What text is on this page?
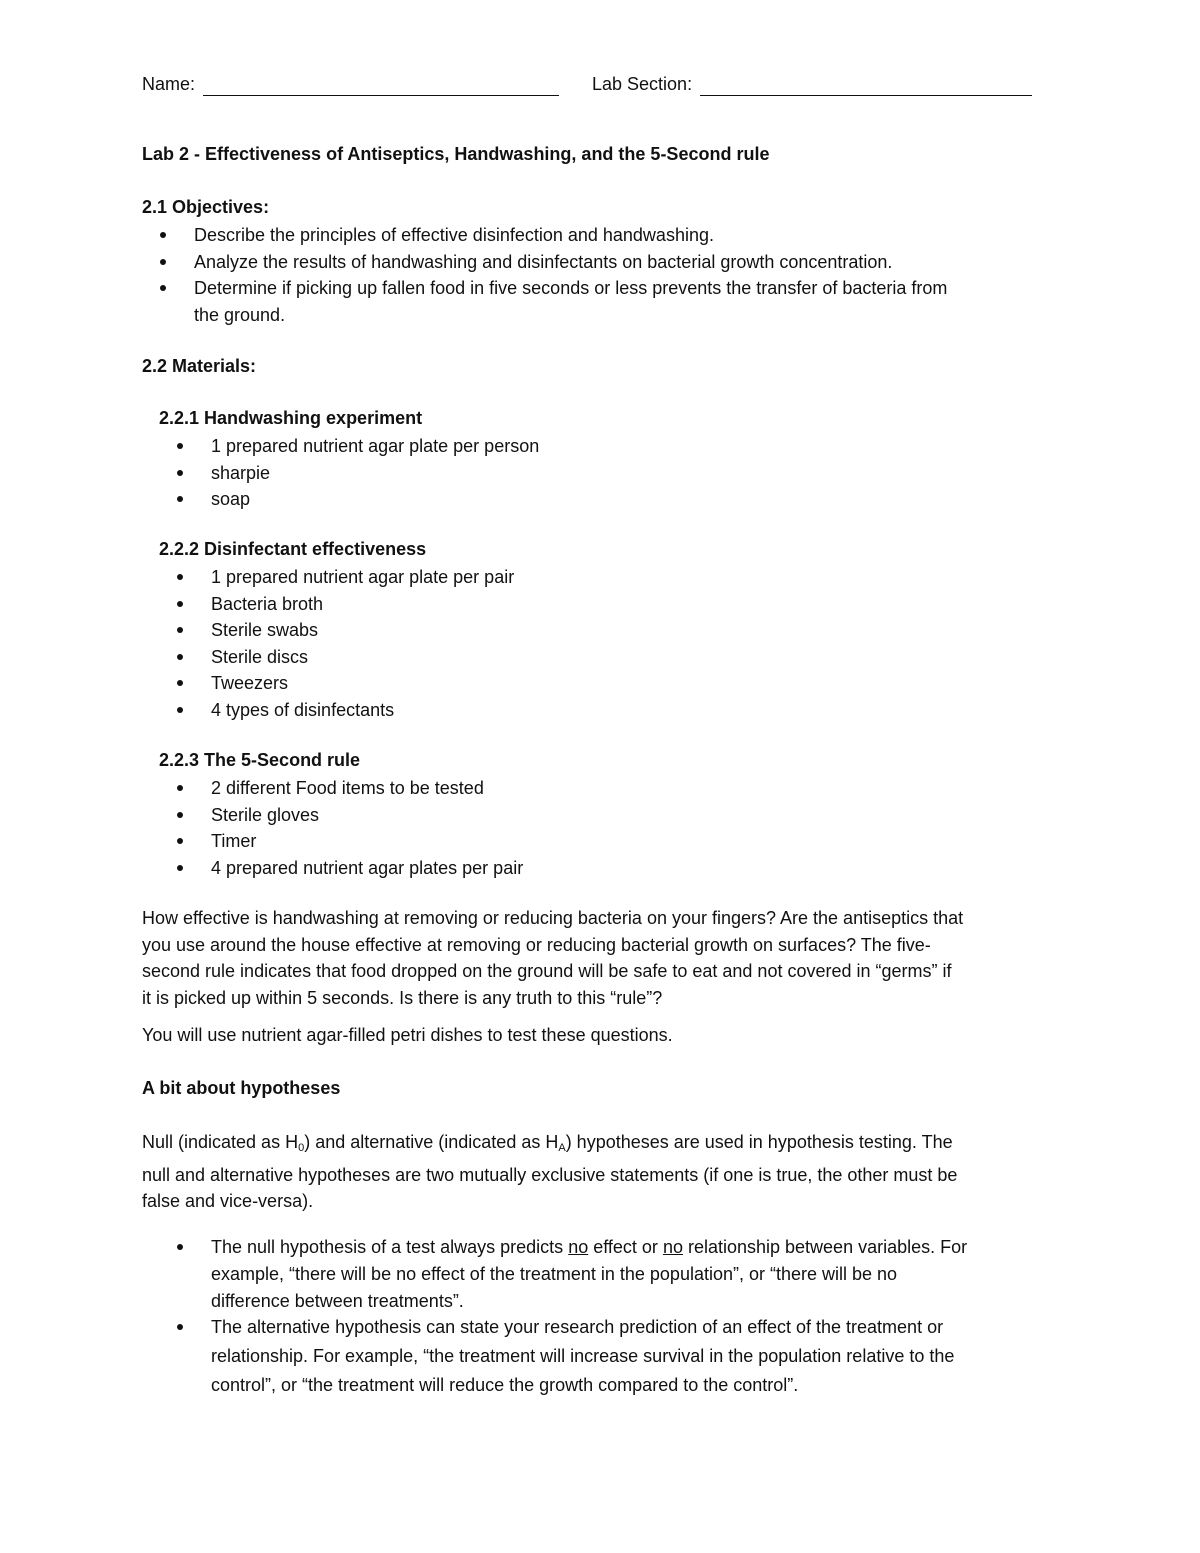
Name:	Lab Section:
Lab 2 - Effectiveness of Antiseptics, Handwashing, and the 5-Second rule
2.1 Objectives:
Describe the principles of effective disinfection and handwashing.
Analyze the results of handwashing and disinfectants on bacterial growth concentration.
Determine if picking up fallen food in five seconds or less prevents the transfer of bacteria from
the ground.
2.2 Materials:
2.2.1 Handwashing experiment
1 prepared nutrient agar plate per person
sharpie
soap
2.2.2 Disinfectant effectiveness
1 prepared nutrient agar plate per pair
Bacteria broth
Sterile swabs
Sterile discs
Tweezers
4 types of disinfectants
2.2.3 The 5-Second rule
2 different Food items to be tested
Sterile gloves
Timer
4 prepared nutrient agar plates per pair
How effective is handwashing at removing or reducing bacteria on your fingers? Are the antiseptics that
you use around the house effective at removing or reducing bacterial growth on surfaces? The five-
second rule indicates that food dropped on the ground will be safe to eat and not covered in “germs” if
it is picked up within 5 seconds. Is there is any truth to this “rule”?
You will use nutrient agar-filled petri dishes to test these questions.
A bit about hypotheses
Null (indicated as $H_0$) and alternative (indicated as $H_A$) hypotheses are used in hypothesis testing. The
null and alternative hypotheses are two mutually exclusive statements (if one is true, the other must be
false and vice-versa).
The null hypothesis of a test always predicts no effect or no relationship between variables. For
example, “there will be no effect of the treatment in the population”, or “there will be no
difference between treatments”.
The alternative hypothesis can state your research prediction of an effect of the treatment or
relationship. For example, “the treatment will increase survival in the population relative to the
control”, or “the treatment will reduce the growth compared to the control”.
